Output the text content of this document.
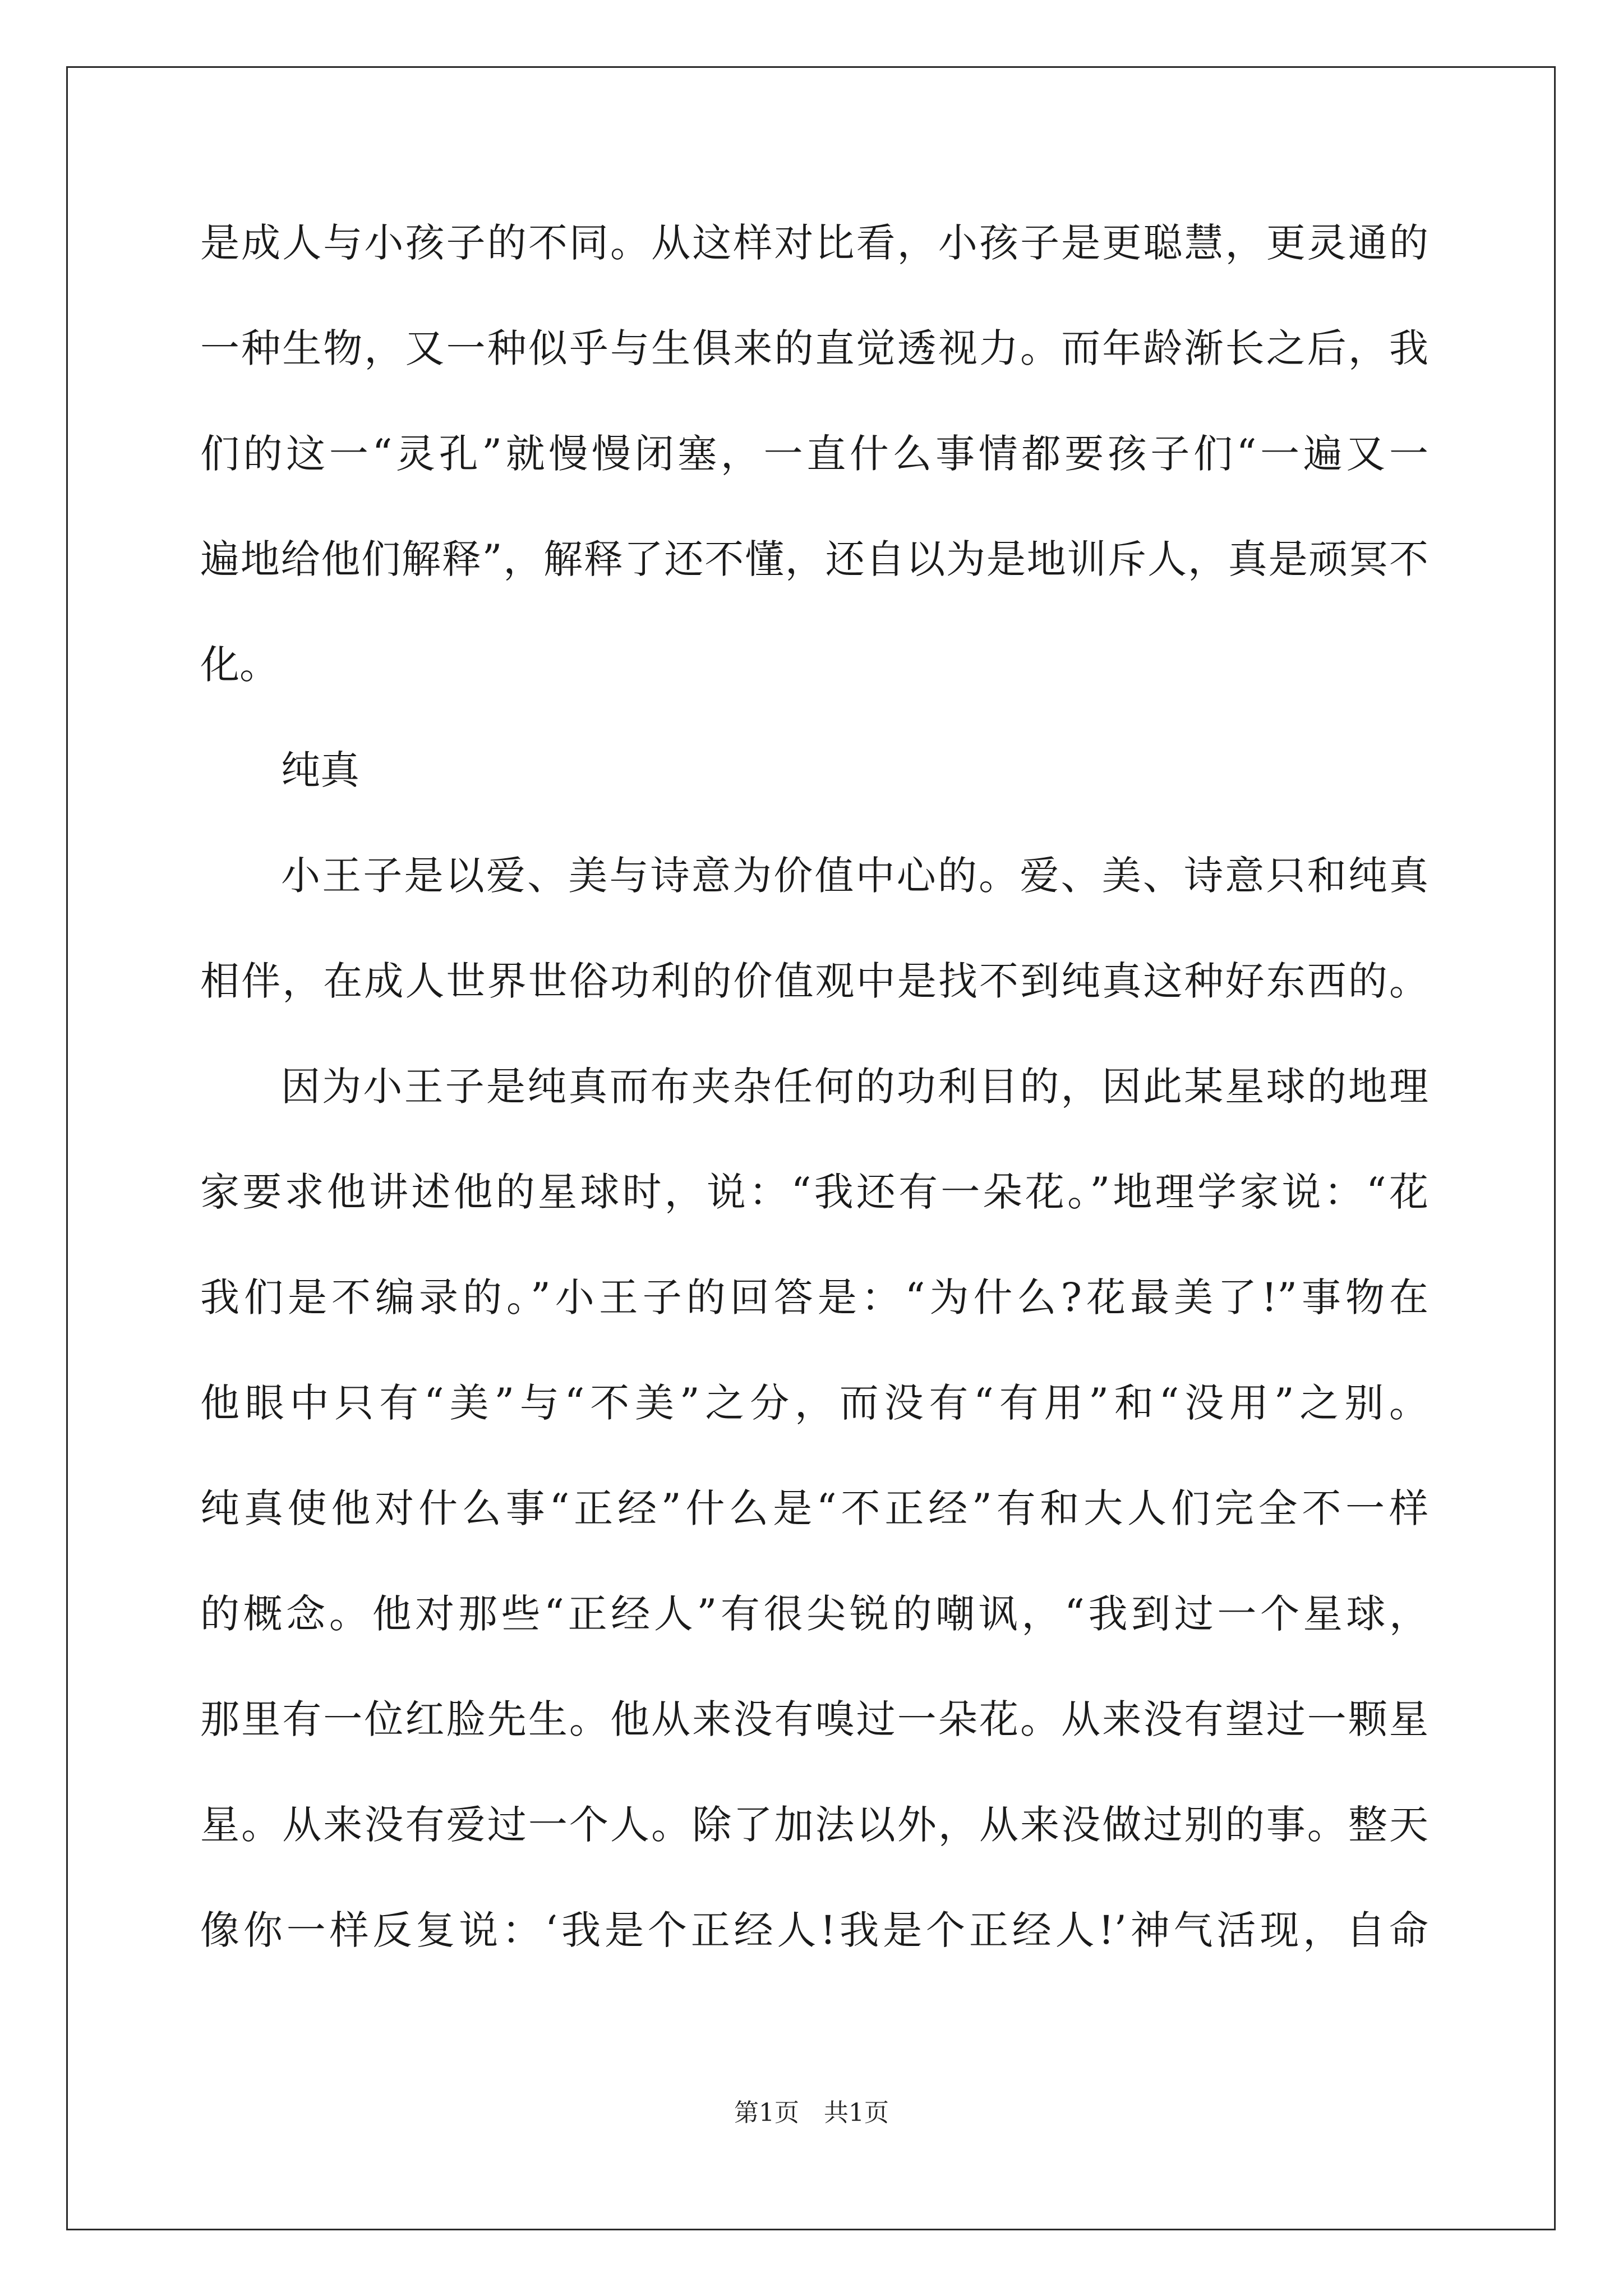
是成人与小孩子的不同。从这样对比看，小孩子是更聪慧，更灵通的
一种生物，又一种似乎与生俱来的直觉透视力。而年龄渐长之后，我
们的这一“灵孔”就慢慢闭塞，一直什么事情都要孩子们“一遍又一
遍地给他们解释”，解释了还不懂，还自以为是地训斥人，真是顽冥不
化。
纯真
小王子是以爱、美与诗意为价值中心的。爱、美、诗意只和纯真
相伴，在成人世界世俗功利的价值观中是找不到纯真这种好东西的。
因为小王子是纯真而布夹杂任何的功利目的，因此某星球的地理
家要求他讲述他的星球时，说：“我还有一朵花。”地理学家说：“花
我们是不编录的。”小王子的回答是：“为什么?花最美了!”事物在
他眼中只有“美”与“不美”之分，而没有“有用”和“没用”之别。
纯真使他对什么事“正经”什么是“不正经”有和大人们完全不一样
的概念。他对那些“正经人”有很尖锐的嘲讽，“我到过一个星球，
那里有一位红脸先生。他从来没有嗅过一朵花。从来没有望过一颗星
星。从来没有爱过一个人。除了加法以外，从来没做过别的事。整天
像你一样反复说：‘我是个正经人!我是个正经人!’神气活现，自命
第1页　共1页
